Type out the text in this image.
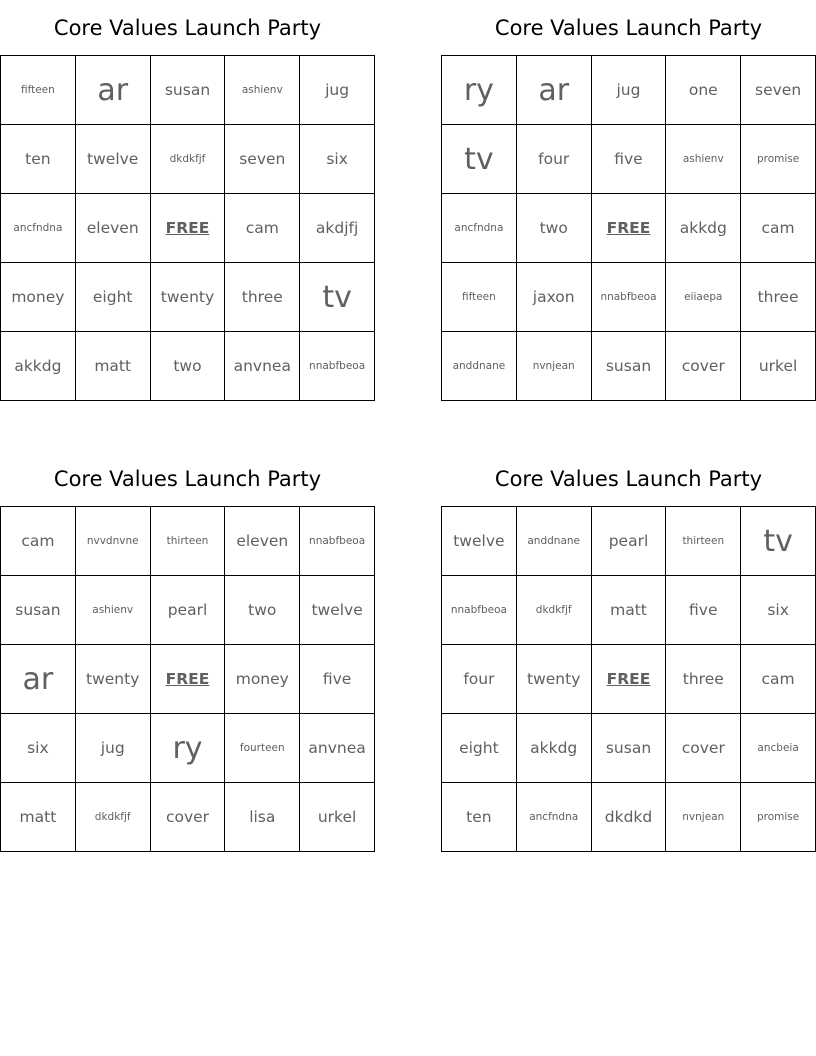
Core Values Launch Party
fifteen	ar	susan	ashienv	jug
ten	twelve	dkdkfjf	seven	six
ancfndna	eleven	FREE	cam	akdjfj
money	eight	twenty	three	tv
akkdg	matt	two	anvnea	nnabfbeoa
Core Values Launch Party
ry	ar	jug	one	seven
tv	four	five	ashienv	promise
ancfndna	two	FREE	akkdg	cam
fifteen	jaxon	nnabfbeoa	eiiaepa	three
anddnane	nvnjean	susan	cover	urkel
Core Values Launch Party
cam	nvvdnvne	thirteen	eleven	nnabfbeoa
susan	ashienv	pearl	two	twelve
ar	twenty	FREE	money	five
six	jug	ry	fourteen	anvnea
matt	dkdkfjf	cover	lisa	urkel
Core Values Launch Party
twelve	anddnane	pearl	thirteen	tv
nnabfbeoa	dkdkfjf	matt	five	six
four	twenty	FREE	three	cam
eight	akkdg	susan	cover	ancbeia
ten	ancfndna	dkdkd	nvnjean	promise
